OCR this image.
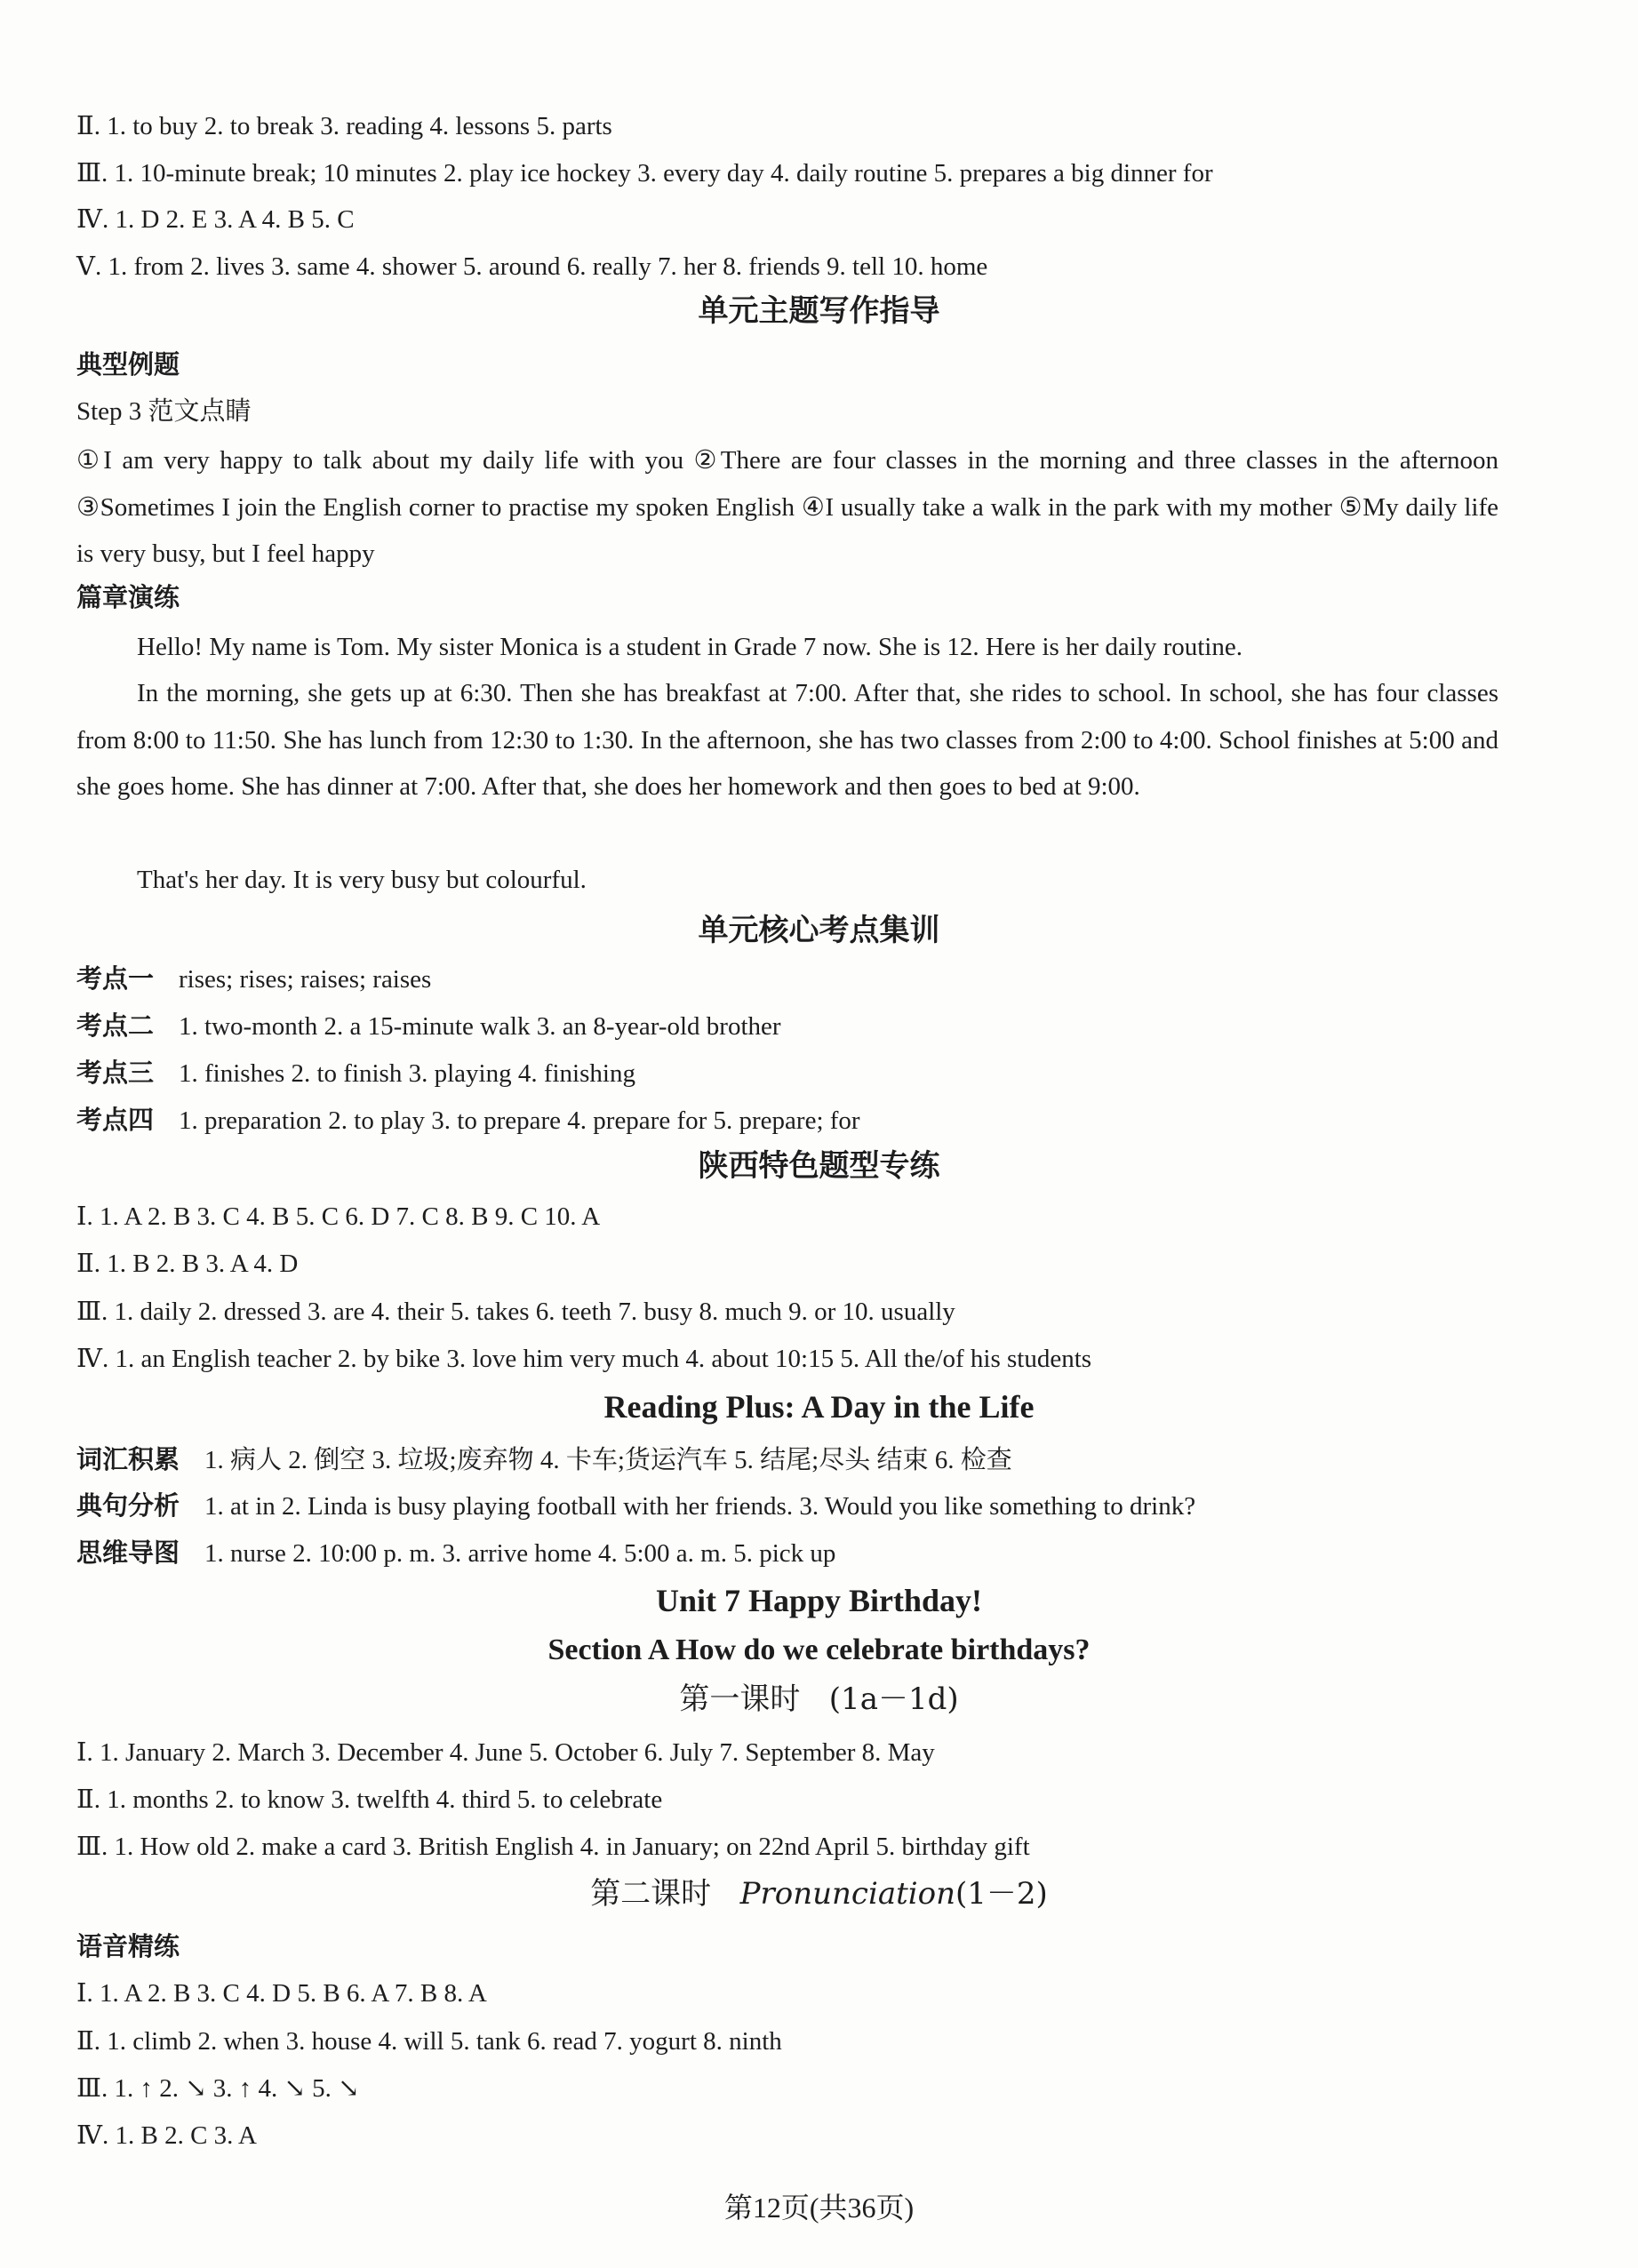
Ⅱ. 1. to buy 2. to break 3. reading 4. lessons 5. parts
Ⅲ. 1. 10-minute break; 10 minutes 2. play ice hockey 3. every day 4. daily routine 5. prepares a big dinner for
Ⅳ. 1. D 2. E 3. A 4. B 5. C
Ⅴ. 1. from 2. lives 3. same 4. shower 5. around 6. really 7. her 8. friends 9. tell 10. home
单元主题写作指导
典型例题
Step 3 范文点睛
①I am very happy to talk about my daily life with you ②There are four classes in the morning and three classes in the afternoon ③Sometimes I join the English corner to practise my spoken English ④I usually take a walk in the park with my mother ⑤My daily life is very busy, but I feel happy
篇章演练
Hello! My name is Tom. My sister Monica is a student in Grade 7 now. She is 12. Here is her daily routine.
In the morning, she gets up at 6:30. Then she has breakfast at 7:00. After that, she rides to school. In school, she has four classes from 8:00 to 11:50. She has lunch from 12:30 to 1:30. In the afternoon, she has two classes from 2:00 to 4:00. School finishes at 5:00 and she goes home. She has dinner at 7:00. After that, she does her homework and then goes to bed at 9:00.
That's her day. It is very busy but colourful.
单元核心考点集训
考点一 rises; rises; raises; raises
考点二 1. two-month 2. a 15-minute walk 3. an 8-year-old brother
考点三 1. finishes 2. to finish 3. playing 4. finishing
考点四 1. preparation 2. to play 3. to prepare 4. prepare for 5. prepare; for
陕西特色题型专练
Ⅰ. 1. A 2. B 3. C 4. B 5. C 6. D 7. C 8. B 9. C 10. A
Ⅱ. 1. B 2. B 3. A 4. D
Ⅲ. 1. daily 2. dressed 3. are 4. their 5. takes 6. teeth 7. busy 8. much 9. or 10. usually
Ⅳ. 1. an English teacher 2. by bike 3. love him very much 4. about 10:15 5. All the/of his students
Reading Plus: A Day in the Life
词汇积累 1. 病人 2. 倒空 3. 垃圾;废弃物 4. 卡车;货运汽车 5. 结尾;尽头 结束 6. 检查
典句分析 1. at in 2. Linda is busy playing football with her friends. 3. Would you like something to drink?
思维导图 1. nurse 2. 10:00 p. m. 3. arrive home 4. 5:00 a. m. 5. pick up
Unit 7 Happy Birthday!
Section A How do we celebrate birthdays?
第一课时 (1a－1d)
Ⅰ. 1. January 2. March 3. December 4. June 5. October 6. July 7. September 8. May
Ⅱ. 1. months 2. to know 3. twelfth 4. third 5. to celebrate
Ⅲ. 1. How old 2. make a card 3. British English 4. in January; on 22nd April 5. birthday gift
第二课时 Pronunciation(1－2)
语音精练
Ⅰ. 1. A 2. B 3. C 4. D 5. B 6. A 7. B 8. A
Ⅱ. 1. climb 2. when 3. house 4. will 5. tank 6. read 7. yogurt 8. ninth
Ⅲ. 1. ↑ 2. ↘ 3. ↑ 4. ↘ 5. ↘
Ⅳ. 1. B 2. C 3. A
第12页(共36页)
